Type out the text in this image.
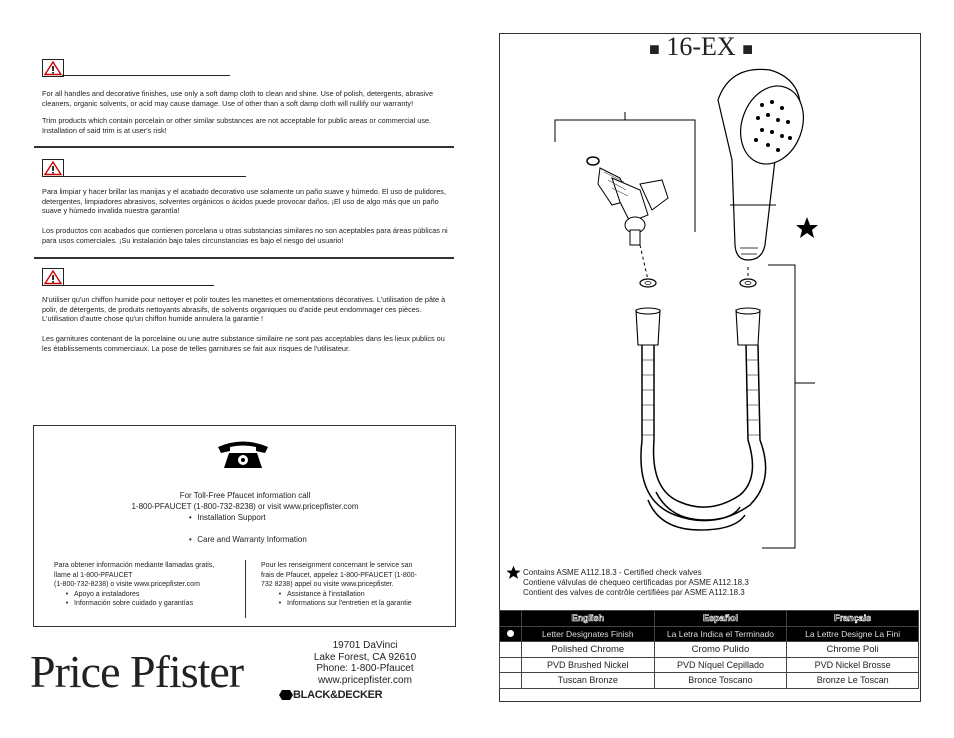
For all handles and decorative finishes, use only a soft damp cloth to clean and shine. Use of polish, detergents, abrasive cleaners, organic solvents, or acid may cause damage. Use of other than a soft damp cloth will nullify our warranty!

Trim products which contain porcelain or other similar substances are not acceptable for public areas or commercial use. Installation of said trim is at user's risk!

Para limpiar y hacer brillar las manijas y el acabado decorativo use solamente un paño suave y húmedo. El uso de pulidores, detergentes, limpiadores abrasivos, solventes orgánicos o ácidos puede provocar daños. ¡El uso de algo más que un paño suave y húmedo invalida nuestra garantía!

Los productos con acabados que contienen porcelana u otras substancias similares no son aceptables para áreas públicas ni para usos comerciales. ¡Su instalación bajo tales circunstancias es bajo el riesgo del usuario!

N'utiliser qu'un chiffon humide pour nettoyer et polir toutes les manettes et ornementations décoratives. L'utilisation de pâte à polir, de détergents, de produits nettoyants abrasifs, de solvents organiques ou d'acide peut endommager ces pièces. L'utilisation d'autre chose qu'un chiffon humide annulera la garantie !

Les garnitures contenant de la porcelaine ou une autre substance similaire ne sont pas acceptables dans les lieux publics ou les établissements commerciaux. La pose de telles garnitures se fait aux risques de l'utilisateur.

For Toll-Free Pfaucet information call
1-800-PFAUCET (1-800-732-8238) or visit www.pricepfister.com
• Installation Support

• Care and Warranty Information
Para obtener información mediante llamadas gratis,
llame al 1-800-PFAUCET
(1-800-732-8238) o visite www.pricepfister.com
• Apoyo a instaladores
• Información sobre cuidado y garantías
Pour les renseignment concernant le service san
frais de Pfaucet, appelez 1-800-PFAUCET (1-800-
732 8238) appel ou visite www.pricepfister.
• Assistance à l'installation
• Informations sur l'entretien et la garantie
Price Pfister
19701 DaVinci
Lake Forest, CA 92610
Phone: 1-800-Pfaucet
www.pricepfister.com
BLACK&DECKER
■ 16-EX ■
Contains ASME A112.18.3 - Certified check valves
Contiene válvulas de chequeo certificadas por ASME A112.18.3
Contient des valves de contrôle certifiées par ASME A112.18.3
	English	Español	Français
	Letter Designates Finish	La Letra Indica el Terminado	La Lettre Designe La Fini
	Polished Chrome	Cromo Pulido	Chrome Poli
	PVD Brushed Nickel	PVD Níquel Cepillado	PVD Nickel Brosse
	Tuscan Bronze	Bronce Toscano	Bronze Le Toscan
